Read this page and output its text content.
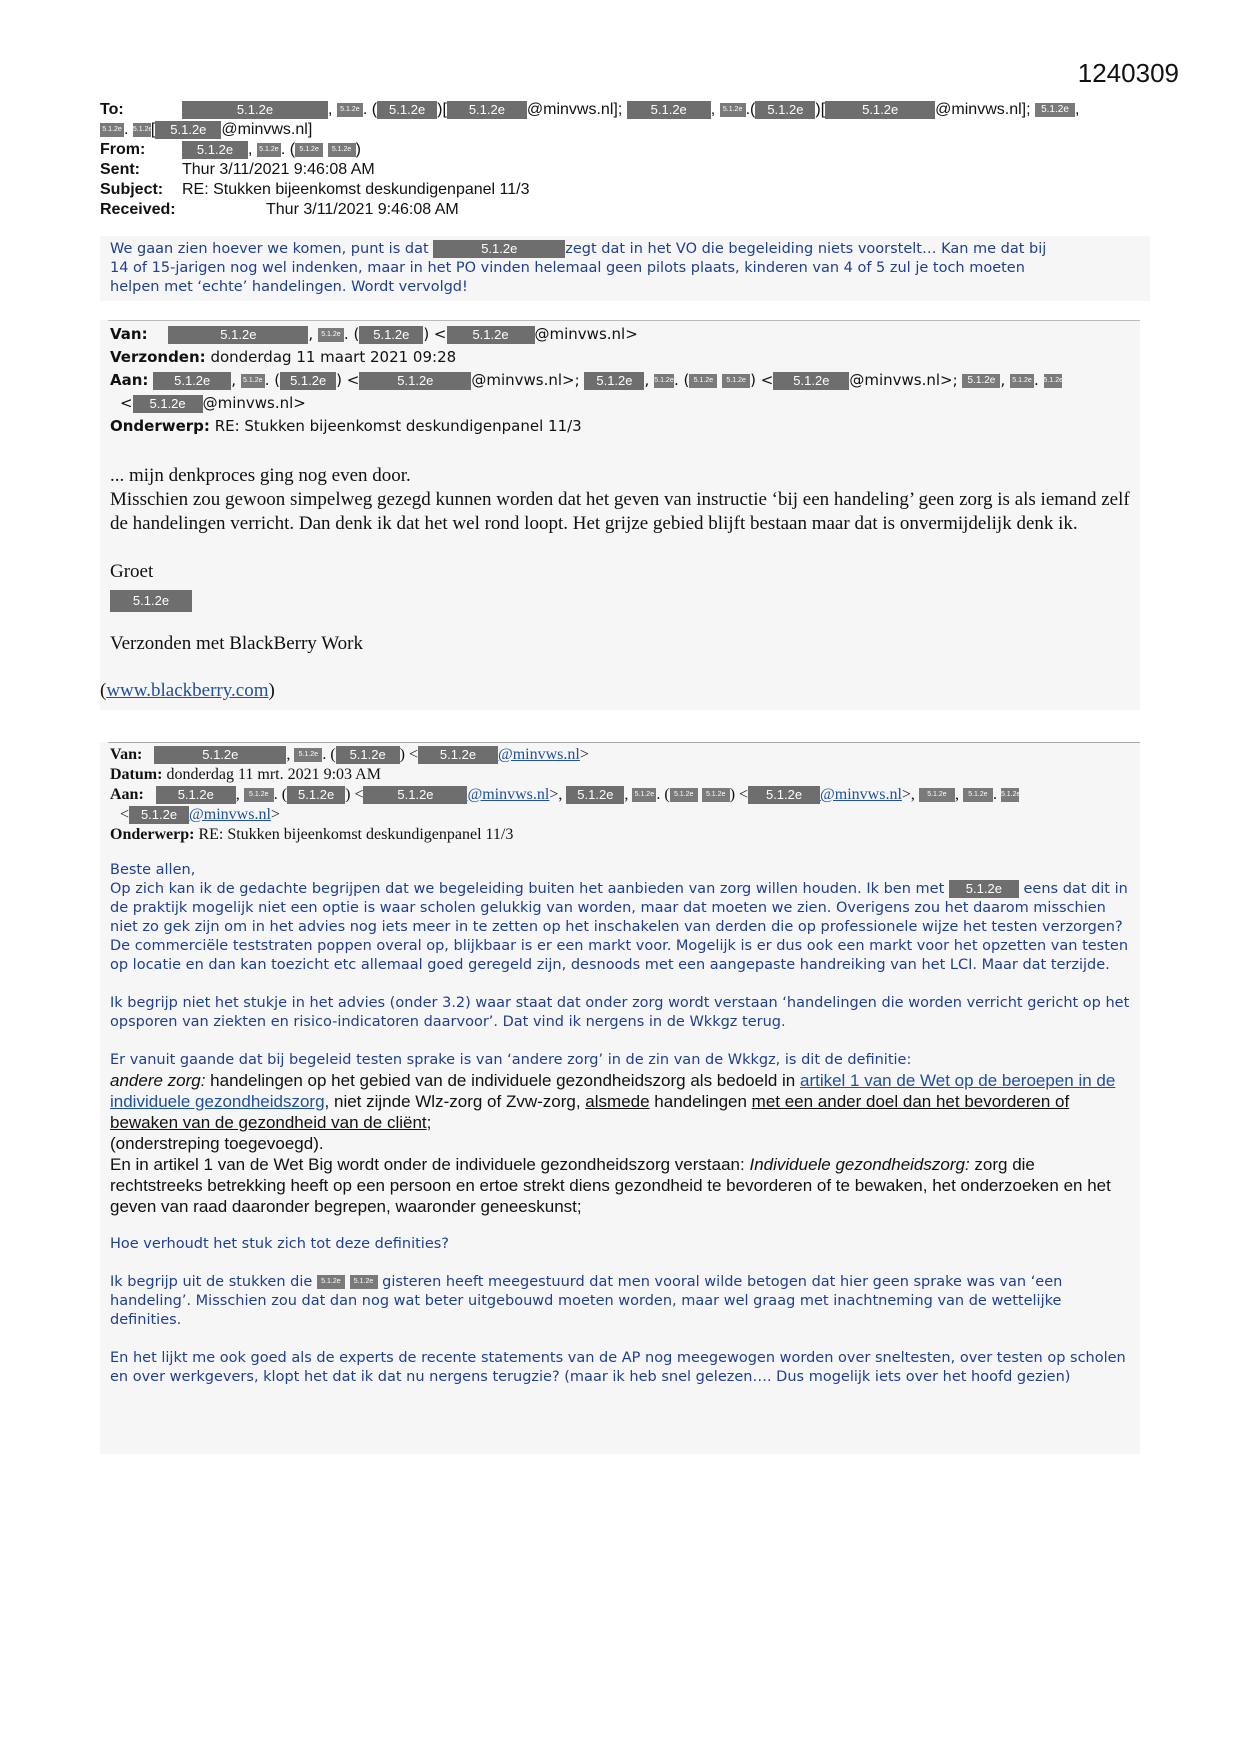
1240309
To:	5.1.2e	, 5.1.2e . ( 5.1.2e )[ 5.1.2e @minvws.nl]; 5.1.2e , 5.1.2e .( 5.1.2e )[	5.1.2e @minvws.nl]; 5.1.2e ,
5.1.2e . 5.1.2e[ 5.1.2e @minvws.nl]
From:	5.1.2e , 5.1.2e . ( 5.1.2e 5.1.2e )
Sent:	Thur 3/11/2021 9:46:08 AM
Subject: RE: Stukken bijeenkomst deskundigenpanel 11/3
Received:	Thur 3/11/2021 9:46:08 AM

We gaan zien hoever we komen, punt is dat	5.1.2e	zegt dat in het VO die begeleiding niets voorstelt… Kan me dat bij

14 of 15-jarigen nog wel indenken, maar in het PO vinden helemaal geen pilots plaats, kinderen van 4 of 5 zul je toch moeten

helpen met ‘echte’ handelingen. Wordt vervolgd!

Van:	5.1.2e	, 5.1.2e . ( 5.1.2e ) < 5.1.2e @minvws.nl>
Verzonden: donderdag 11 maart 2021 09:28
Aan: 5.1.2e , 5.1.2e . ( 5.1.2e ) <	5.1.2e	@minvws.nl>; 5.1.2e , 5.1.2e. ( 5.1.2e 5.1.2e ) < 5.1.2e @minvws.nl>; 5.1.2e , 5.1.2e . 5.1.2e
< 5.1.2e @minvws.nl>
Onderwerp: RE: Stukken bijeenkomst deskundigenpanel 11/3

... mijn denkproces ging nog even door.

Misschien zou gewoon simpelweg gezegd kunnen worden dat het geven van instructie ‘bij een handeling’ geen zorg is als iemand zelf de handelingen verricht. Dan denk ik dat het wel rond loopt. Het grijze gebied blijft bestaan maar dat is onvermijdelijk denk ik.

Groet

5.1.2e

Verzonden met BlackBerry Work

(www.blackberry.com)
Van:	5.1.2e	, 5.1.2e . ( 5.1.2e ) < 5.1.2e @minvws.nl>
Datum: donderdag 11 mrt. 2021 9:03 AM
Aan:	5.1.2e , 5.1.2e . ( 5.1.2e ) <	5.1.2e @minvws.nl>, 5.1.2e , 5.1.2e . ( 5.1.2e 5.1.2e ) < 5.1.2e @minvws.nl>, 5.1.2e , 5.1.2e . 5.1.2e
< 5.1.2e @minvws.nl>
Onderwerp: RE: Stukken bijeenkomst deskundigenpanel 11/3

Beste allen,

Op zich kan ik de gedachte begrijpen dat we begeleiding buiten het aanbieden van zorg willen houden. Ik ben met 5.1.2e eens dat dit in de praktijk mogelijk niet een optie is waar scholen gelukkig van worden, maar dat moeten we zien. Overigens zou het daarom misschien niet zo gek zijn om in het advies nog iets meer in te zetten op het inschakelen van derden die op professionele wijze het testen verzorgen? De commerciële teststraten poppen overal op, blijkbaar is er een markt voor. Mogelijk is er dus ook een markt voor het opzetten van testen op locatie en dan kan toezicht etc allemaal goed geregeld zijn, desnoods met een aangepaste handreiking van het LCI. Maar dat terzijde.

Ik begrijp niet het stukje in het advies (onder 3.2) waar staat dat onder zorg wordt verstaan ‘handelingen die worden verricht gericht op het opsporen van ziekten en risico-indicatoren daarvoor’. Dat vind ik nergens in de Wkkgz terug.

Er vanuit gaande dat bij begeleid testen sprake is van ‘andere zorg’ in de zin van de Wkkgz, is dit de definitie:

andere zorg: handelingen op het gebied van de individuele gezondheidszorg als bedoeld in artikel 1 van de Wet op de beroepen in de individuele gezondheidszorg, niet zijnde Wlz-zorg of Zvw-zorg, alsmede handelingen met een ander doel dan het bevorderen of bewaken van de gezondheid van de cliënt;

(onderstreping toegevoegd).

En in artikel 1 van de Wet Big wordt onder de individuele gezondheidszorg verstaan: Individuele gezondheidszorg: zorg die rechtstreeks betrekking heeft op een persoon en ertoe strekt diens gezondheid te bevorderen of te bewaken, het onderzoeken en het geven van raad daaronder begrepen, waaronder geneeskunst;

Hoe verhoudt het stuk zich tot deze definities?

Ik begrijp uit de stukken die 5.1.2e 5.1.2e gisteren heeft meegestuurd dat men vooral wilde betogen dat hier geen sprake was van ‘een handeling’. Misschien zou dat dan nog wat beter uitgebouwd moeten worden, maar wel graag met inachtneming van de wettelijke definities.

En het lijkt me ook goed als de experts de recente statements van de AP nog meegewogen worden over sneltesten, over testen op scholen en over werkgevers, klopt het dat ik dat nu nergens terugzie? (maar ik heb snel gelezen…. Dus mogelijk iets over het hoofd gezien)
